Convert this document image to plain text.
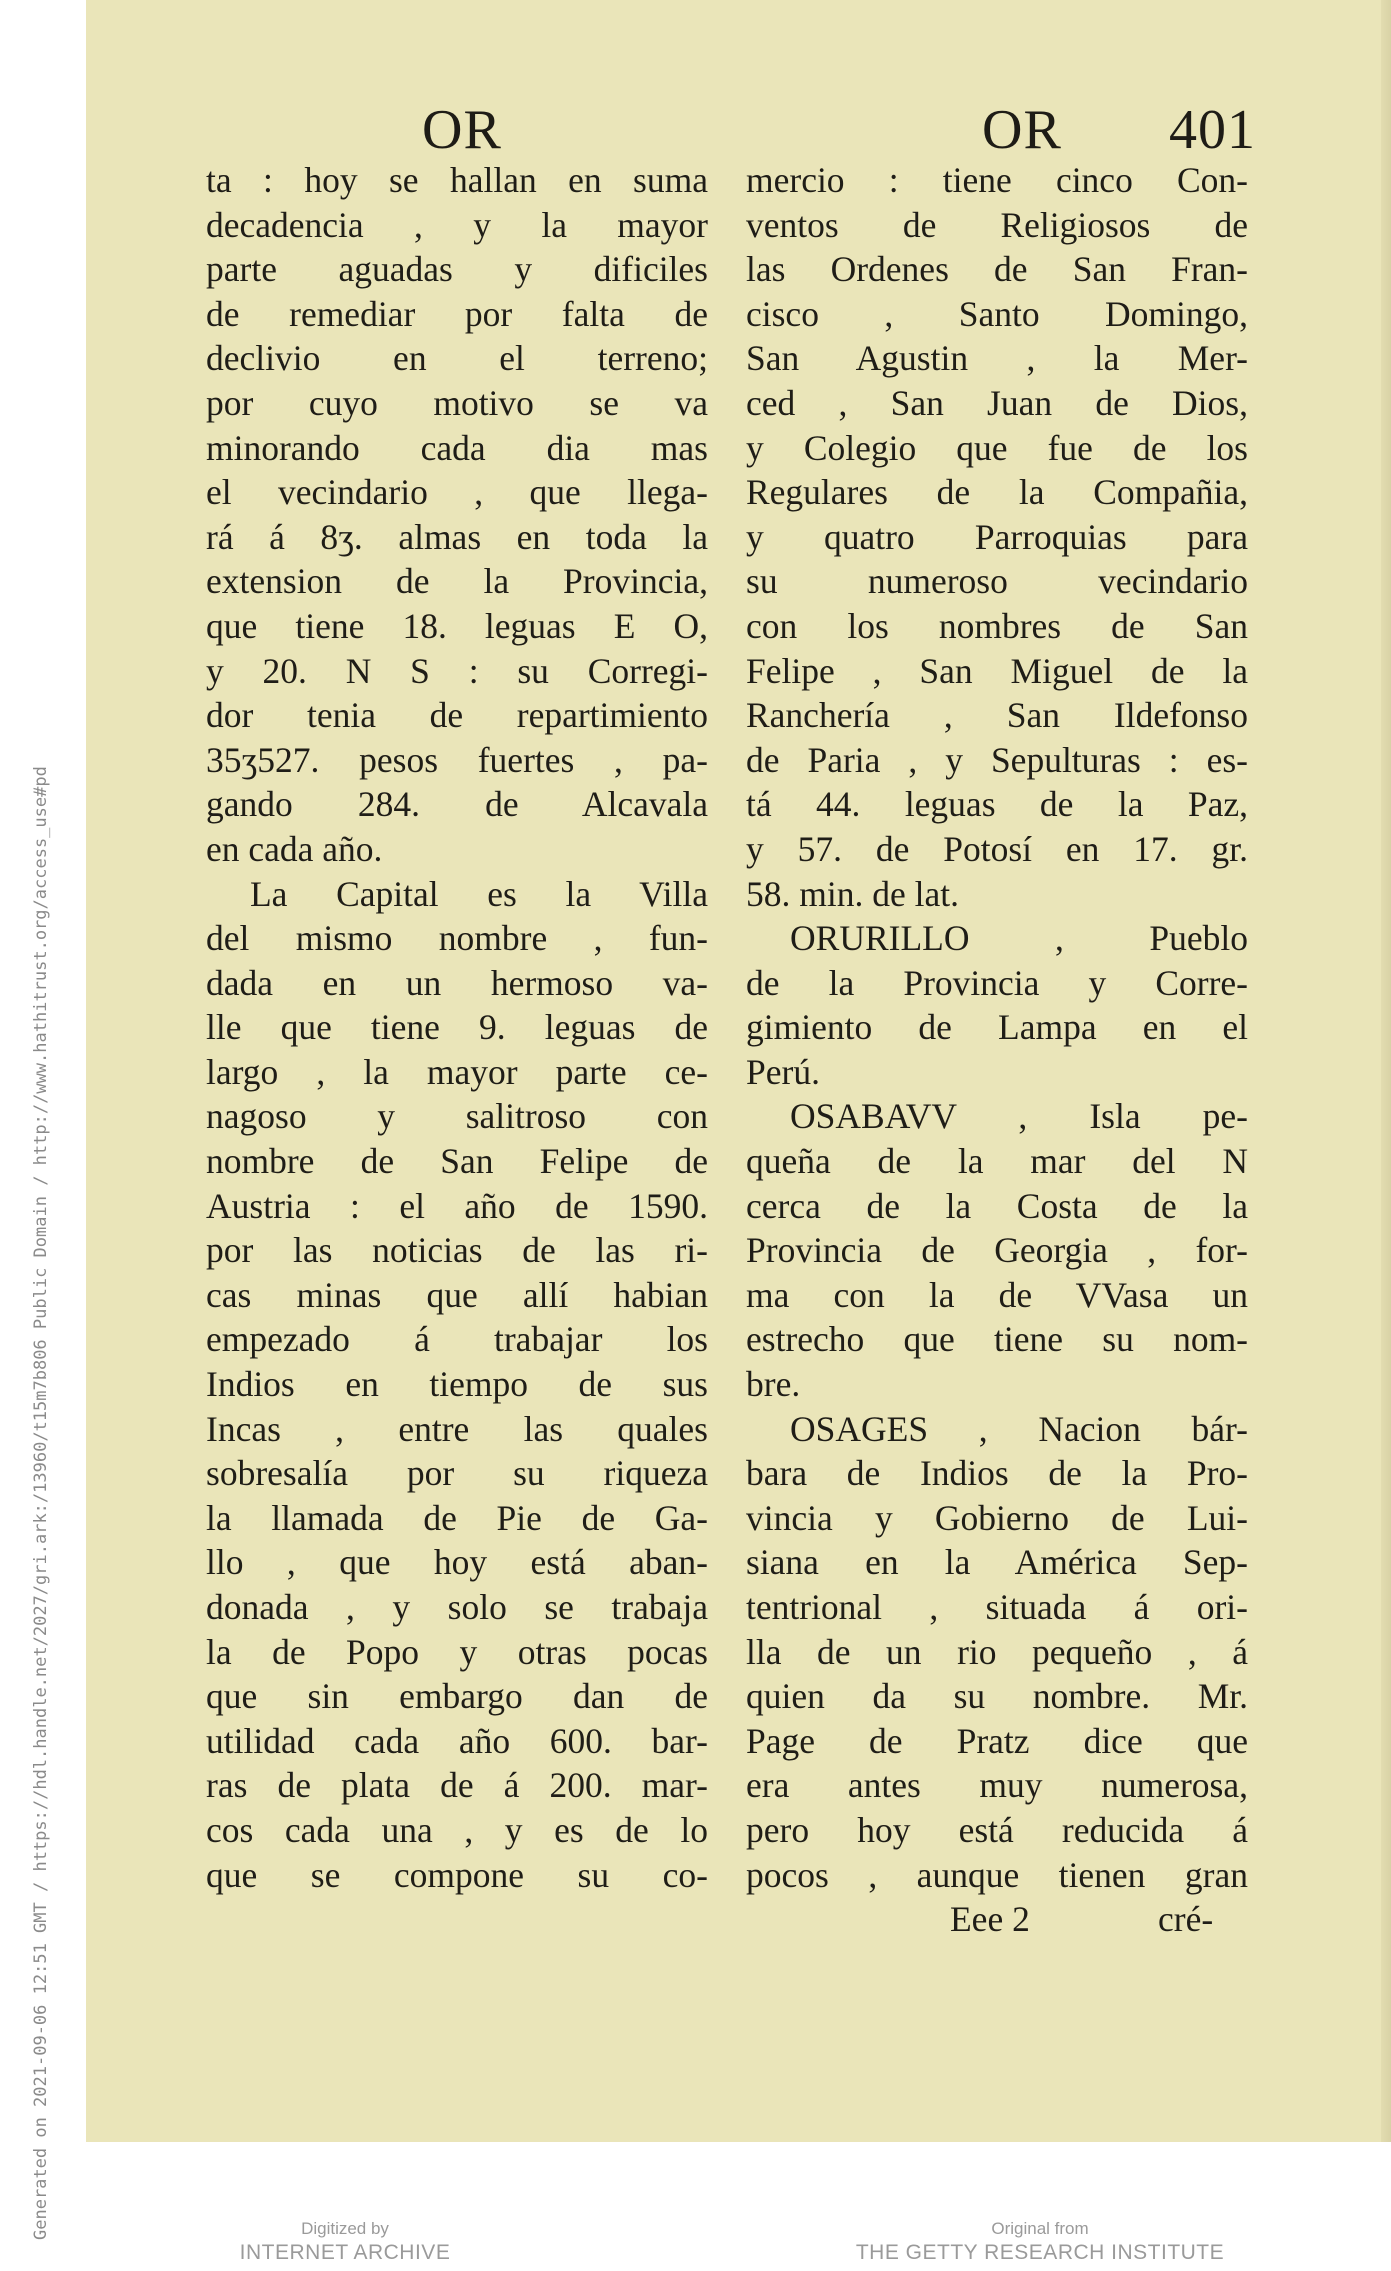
Generated on 2021-09-06 12:51 GMT / https://hdl.handle.net/2027/gri.ark:/13960/t15m7b806 Public Domain / http://www.hathitrust.org/access_use#pd
OR	OR 401
ta : hoy se hallan en suma
decadencia , y la mayor
parte aguadas y dificiles
de remediar por falta de
declivio en el terreno;
por cuyo motivo se va
minorando cada dia mas
el vecindario , que llega-
rá á 8ʒ. almas en toda la
extension de la Provincia,
que tiene 18. leguas E O,
y 20. N S : su Corregi-
dor tenia de repartimiento
35ʒ527. pesos fuertes , pa-
gando 284. de Alcavala
en cada año.
La Capital es la Villa
del mismo nombre , fun-
dada en un hermoso va-
lle que tiene 9. leguas de
largo , la mayor parte ce-
nagoso y salitroso con
nombre de San Felipe de
Austria : el año de 1590.
por las noticias de las ri-
cas minas que allí habian
empezado á trabajar los
Indios en tiempo de sus
Incas , entre las quales
sobresalía por su riqueza
la llamada de Pie de Ga-
llo , que hoy está aban-
donada , y solo se trabaja
la de Popo y otras pocas
que sin embargo dan de
utilidad cada año 600. bar-
ras de plata de á 200. mar-
cos cada una , y es de lo
que se compone su co-
mercio : tiene cinco Con-
ventos de Religiosos de
las Ordenes de San Fran-
cisco , Santo Domingo,
San Agustin , la Mer-
ced , San Juan de Dios,
y Colegio que fue de los
Regulares de la Compañia,
y quatro Parroquias para
su numeroso vecindario
con los nombres de San
Felipe , San Miguel de la
Ranchería , San Ildefonso
de Paria , y Sepulturas : es-
tá 44. leguas de la Paz,
y 57. de Potosí en 17. gr.
58. min. de lat.
ORURILLO , Pueblo
de la Provincia y Corre-
gimiento de Lampa en el
Perú.
OSABAVV , Isla pe-
queña de la mar del N
cerca de la Costa de la
Provincia de Georgia , for-
ma con la de VVasa un
estrecho que tiene su nom-
bre.
OSAGES , Nacion bár-
bara de Indios de la Pro-
vincia y Gobierno de Lui-
siana en la América Sep-
tentrional , situada á ori-
lla de un rio pequeño , á
quien da su nombre. Mr.
Page de Pratz dice que
era antes muy numerosa,
pero hoy está reducida á
pocos , aunque tienen gran
Eee 2	cré-
Digitized by
INTERNET ARCHIVE
Original from
THE GETTY RESEARCH INSTITUTE
